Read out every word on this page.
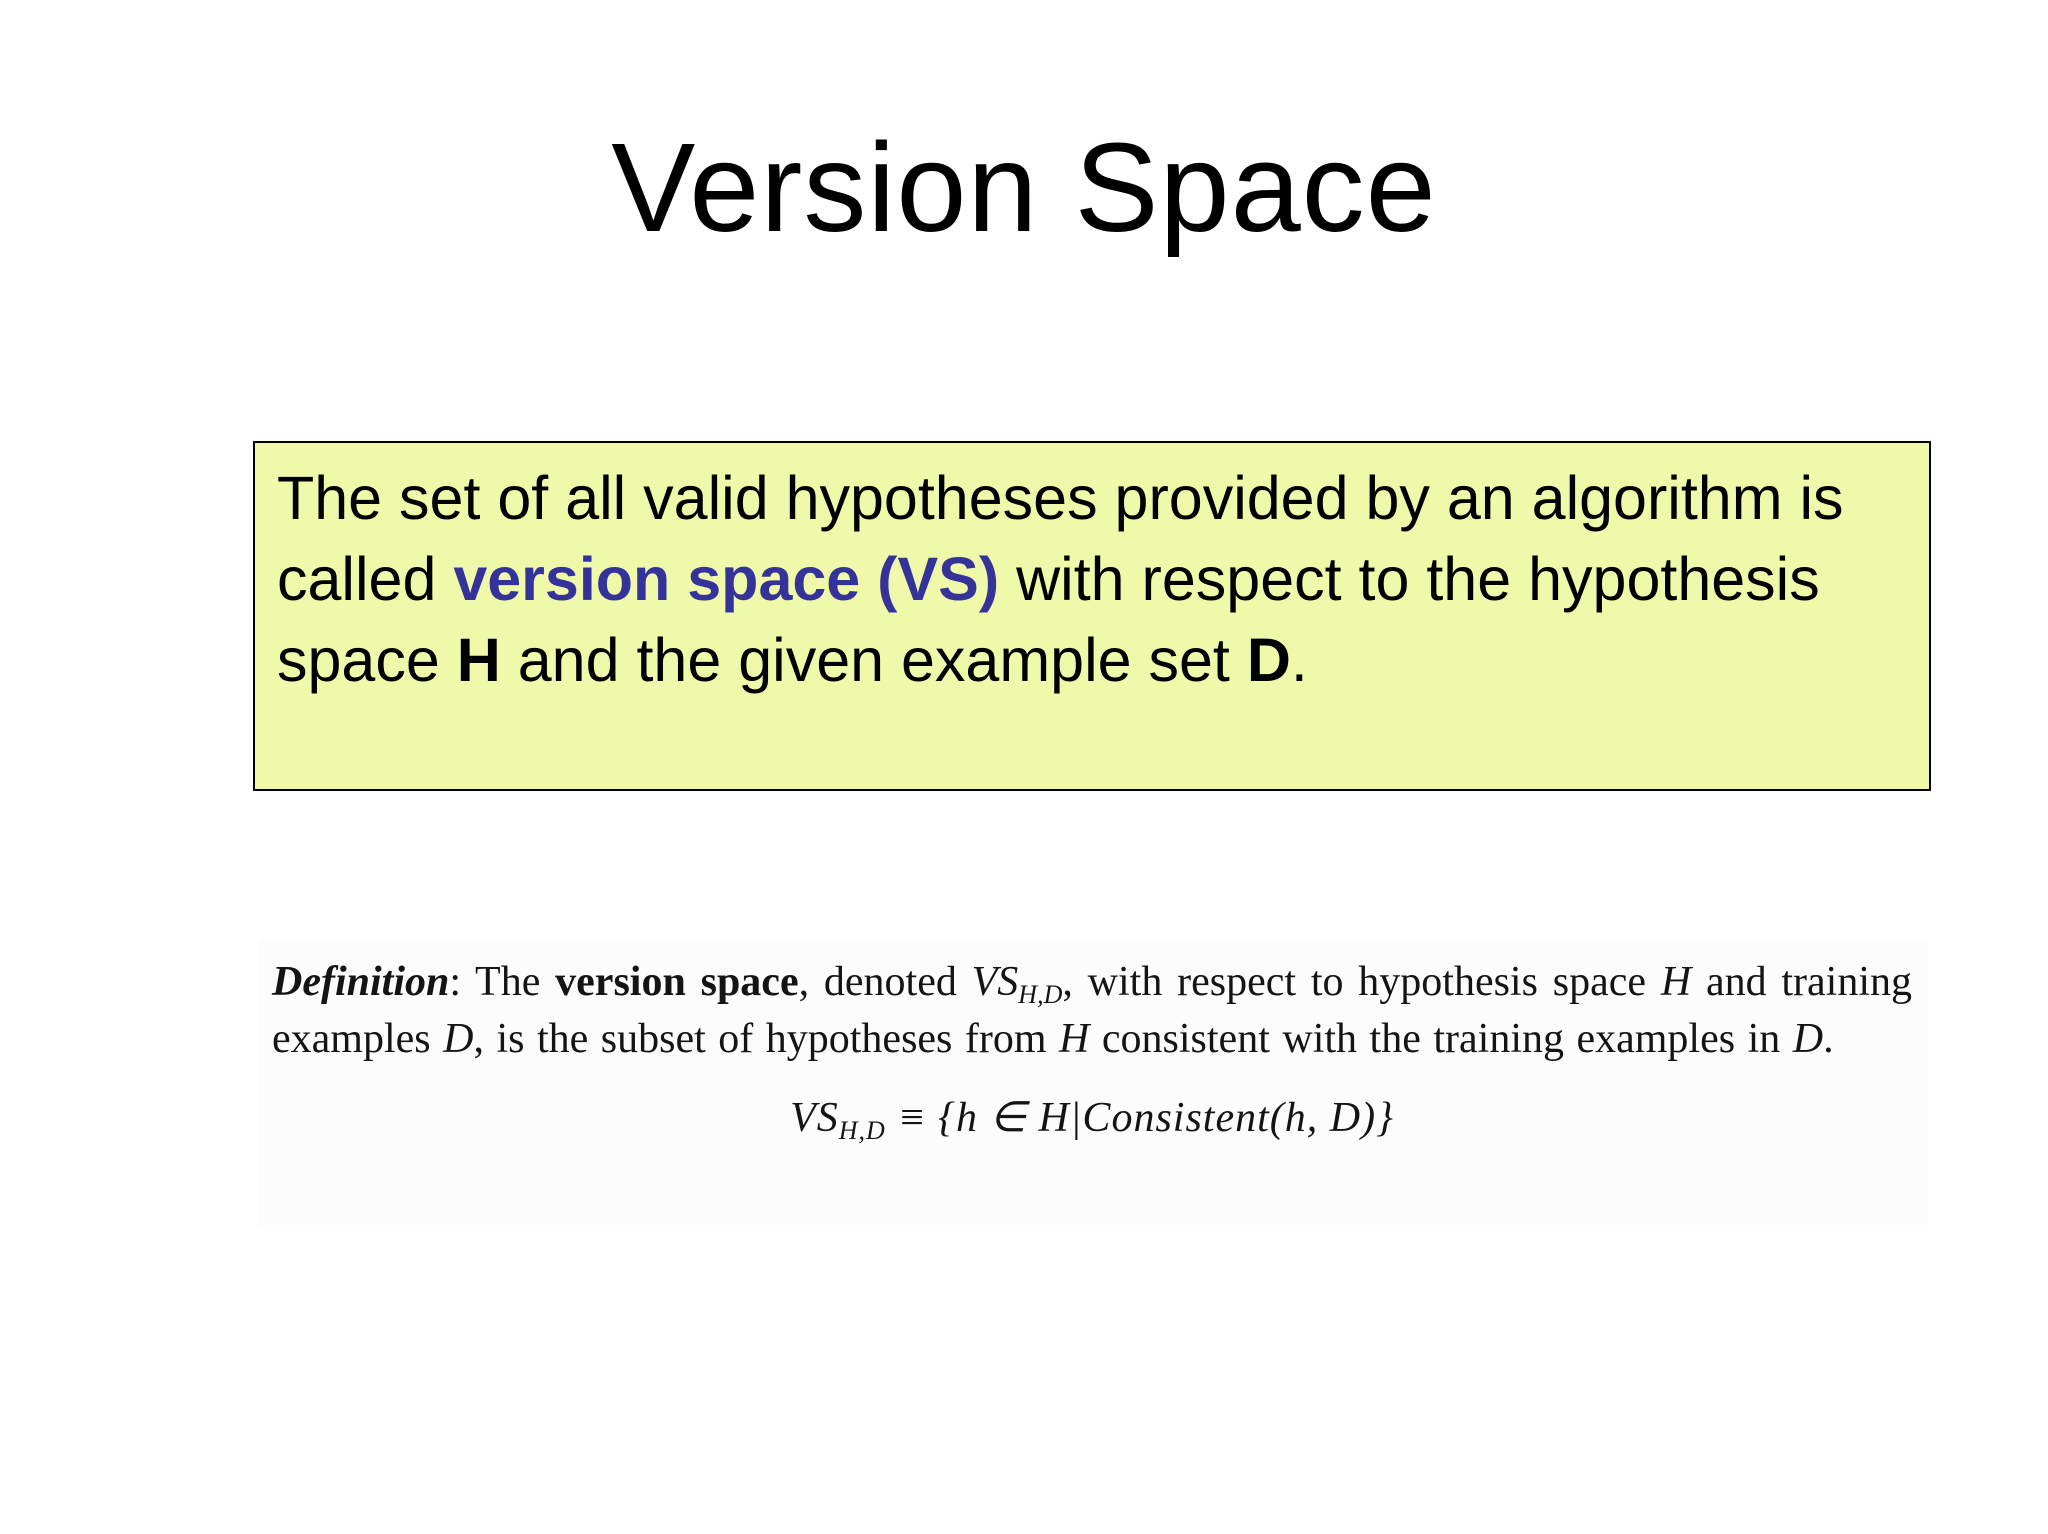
Version Space
The set of all valid hypotheses provided by an algorithm is called version space (VS) with respect to the hypothesis space H and the given example set D.
Definition: The version space, denoted $VS_{H,D}$, with respect to hypothesis space H and training examples D, is the subset of hypotheses from H consistent with the training examples in D.
$VS_{H,D} \equiv \{h$ ∈ H|Consistent(h, D)}
